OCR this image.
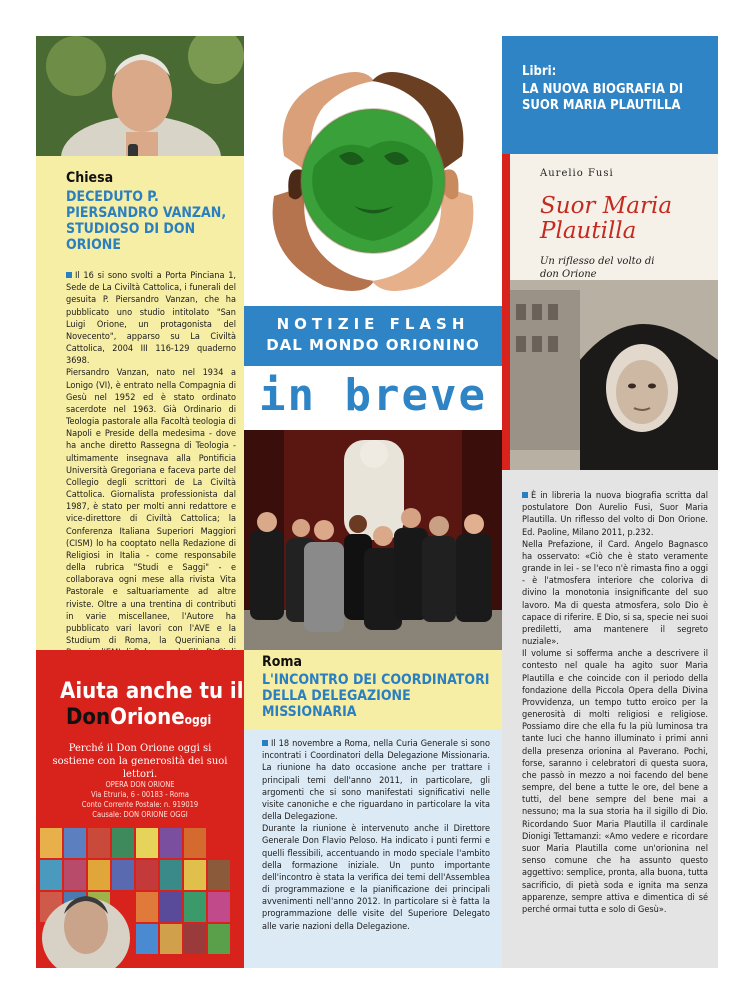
Chiesa
DECEDUTO P. PIERSANDRO VANZAN, STUDIOSO DI DON ORIONE

Il 16 si sono svolti a Porta Pinciana 1, Sede de La Civiltà Cattolica, i funerali del gesuita P. Piersandro Vanzan, che ha pubblicato uno studio intitolato "San Luigi Orione, un protagonista del Novecento", apparso su La Civiltà Cattolica, 2004 III 116-129 quaderno 3698.

Piersandro Vanzan, nato nel 1934 a Lonigo (VI), è entrato nella Compagnia di Gesù nel 1952 ed è stato ordinato sacerdote nel 1963. Già Ordinario di Teologia pastorale alla Facoltà teologia di Napoli e Preside della medesima - dove ha anche diretto Rassegna di Teologia - ultimamente insegnava alla Pontificia Università Gregoriana e faceva parte del Collegio degli scrittori de La Civiltà Cattolica. Giornalista professionista dal 1987, è stato per molti anni redattore e vice-direttore di Civiltà Cattolica; la Conferenza Italiana Superiori Maggiori (CISM) lo ha cooptato nella Redazione di Religiosi in Italia - come responsabile della rubrica "Studi e Saggi" - e collaborava ogni mese alla rivista Vita Pastorale e saltuariamente ad altre riviste. Oltre a una trentina di contributi in varie miscellanee, l'Autore ha pubblicato vari lavori con l'AVE e la Studium di Roma, la Queriniana di

Aiuta anche tu il
DonOrioneoggi
Perché il Don Orione oggi si sostiene con la generosità dei suoi lettori.
OPERA DON ORIONE
Via Etruria, 6 - 00183 - Roma
Conto Corrente Postale: n. 919019
Causale: DON ORIONE OGGI
NOTIZIE FLASH
DAL MONDO ORIONINO
in breve
Roma
L'INCONTRO DEI COORDINATORI DELLA DELEGAZIONE MISSIONARIA

Il 18 novembre a Roma, nella Curia Generale si sono incontrati i Coordinatori della Delegazione Missionaria. La riunione ha dato occasione anche per trattare i principali temi dell'anno 2011, in particolare, gli argomenti che si sono manifestati significativi nelle visite canoniche e che riguardano in particolare la vita della Delegazione.

Durante la riunione è intervenuto anche il Direttore Generale Don Flavio Peloso. Ha indicato i punti fermi e quelli flessibili, accentuando in modo speciale l'ambito della formazione iniziale. Un punto importante dell'incontro è stata la verifica dei temi dell'Assemblea di programmazione e la pianificazione dei principali avvenimenti nell'anno 2012. In particolare si è fatta la programmazione delle visite del Superiore Delegato alle varie nazioni della Delegazione.

Libri:
LA NUOVA BIOGRAFIA DI SUOR MARIA PLAUTILLA
Aurelio Fusi
Suor Maria Plautilla
Un riflesso del volto di don Orione

È in libreria la nuova biografia scritta dal postulatore Don Aurelio Fusi, Suor Maria Plautilla. Un riflesso del volto di Don Orione. Ed. Paoline, Milano 2011, p.232.

Nella Prefazione, il Card. Angelo Bagnasco ha osservato: «Ciò che è stato veramente grande in lei - se l'eco n'è rimasta fino a oggi - è l'atmosfera interiore che coloriva di divino la monotonia insignificante del suo lavoro. Ma di questa atmosfera, solo Dio è capace di riferire. E Dio, si sa, specie nei suoi prediletti, ama mantenere il segreto nuziale».

Il volume si sofferma anche a descrivere il contesto nel quale ha agito suor Maria Plautilla e che coincide con il periodo della fondazione della Piccola Opera della Divina Provvidenza, un tempo tutto eroico per la generosità di molti religiosi e religiose. Possiamo dire che ella fu la più luminosa tra tante luci che hanno illuminato i primi anni della presenza orionina al Paverano. Pochi, forse, saranno i celebratori di questa suora, che passò in mezzo a noi facendo del bene sempre, del bene a tutte le ore, del bene a tutti, del bene sempre del bene mai a nessuno; ma la sua storia ha il sigillo di Dio. Ricordando Suor Maria Plautilla il cardinale Dionigi Tettamanzi: «Amo vedere e ricordare suor Maria Plautilla come un'orionina nel senso comune che ha assunto questo aggettivo: semplice, pronta, alla buona, tutta sacrificio, di pietà soda e ignita ma senza apparenze, sempre attiva e dimentica di sé perché ormai tutta e solo di Gesù».
